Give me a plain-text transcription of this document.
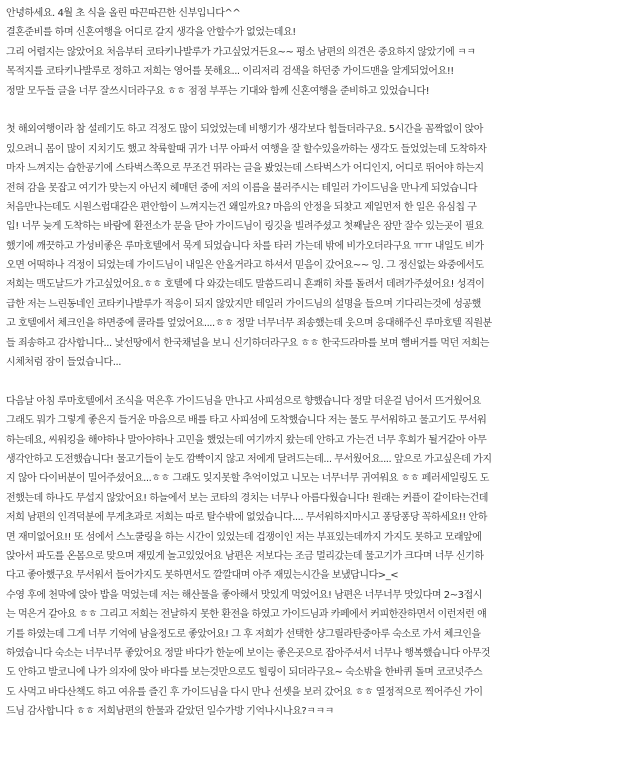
안녕하세요. 4월 초 식을 올린 따끈따끈한 신부입니다^^
결혼준비를 하며 신혼여행을 어디로 갈지 생각을 안할수가 없었는데요!
그리 어렵지는 않았어요 처음부터 코타키나발루가 가고싶었거든요~~ 평소 남편의 의견은 중요하지 않았기에 ㅋㅋ
목적지를 코타키나발루로 정하고 저희는 영어를 못해요... 이리저리 검색을 하던중 가이드맨을 알게되었어요!!
정말 모두들 글을 너무 잘쓰시더라구요 ㅎㅎ 점점 부푸는 기대와 함께 신혼여행을 준비하고 있었습니다!
첫 해외여행이라 참 설레기도 하고 걱정도 많이 되었었는데 비행기가 생각보다 힘들더라구요. 5시간을 꼼짝없이 앉아
있으려니 몸이 많이 지치기도 했고 착륙할때 귀가 너무 아파서 여행을 잘 할수있을까하는 생각도 들었었는데 도착하자
마자 느껴지는 습한공기에 스타벅스쪽으로 무조건 뛰라는 글을 봤었는데 스타벅스가 어디인지, 어디로 뛰어야 하는지
전혀 감을 못잡고 여기가 맞는지 아닌지 헤매던 중에 저의 이름을 불러주시는 테일러 가이드님을 만나게 되었습니다
처음만나는데도 시원스럽대갈은 편안함이 느껴지는건 왜일까요? 마음의 안정을 되찾고 제일먼저 한 일은 유심칩 구
입! 너무 늦게 도착하는 바람에 환전소가 문을 닫아 가이드님이 링깃을 빌려주셨고 첫째날은 잠만 잘수 있는곳이 필요
했기에 깨끗하고 가성비좋은 루마호텔에서 묵게 되었습니다 차를 타러 가는데 밖에 비가오더라구요 ㅠㅠ 내일도 비가
오면 어떡하나 걱정이 되었는데 가이드님이 내일은 안올거라고 하셔서 믿음이 갔어요~~ 잉. 그 정신없는 와중에서도
저희는 맥도날드가 가고싶었어요.ㅎㅎ 호텔에 다 와갔는데도 말씀드리니 흔쾌히 차를 돌려서 데려가주셨어요! 성격이
급한 저는 느린동네인 코타키나발루가 적응이 되지 않았지만 테일러 가이드님의 설명을 들으며 기다리는것에 성공했
고 호텔에서 체크인을 하면중에 콜라를 엎었어요....ㅎㅎ 정말 너무너무 죄송했는데 웃으며 응대해주신 루마호텔 직원분
들 죄송하고 감사합니다... 낯선땅에서 한국채널을 보니 신기하더라구요 ㅎㅎ 한국드라마를 보며 햄버거를 먹던 저희는
시체처럼 잠이 들었습니다...
다음날 아침 루마호텔에서 조식을 먹은후 가이드님을 만나고 사피섬으로 향했습니다 정말 더운걸 넘어서 뜨거웠어요
그래도 뭐가 그렇게 좋은지 들거운 마음으로 배를 타고 사피섬에 도착했습니다 저는 물도 무서워하고 물고기도 무서워
하는데요, 씨워킹을 해야하나 말아야하나 고민을 했었는데 여기까지 왔는데 안하고 가는건 너무 후회가 될거같아 아무
생각안하고 도전했습니다! 물고기들이 눈도 깜빡이지 않고 저에게 달려드는데... 무서웠어요.... 앞으로 가고싶은데 가지
지 않아 다이버분이 밀어주셨어요...ㅎㅎ 그래도 잊지못할 추억이었고 니모는 너무너무 귀여워요 ㅎㅎ 페러세일링도 도
전했는데 하나도 무섭지 않았어요! 하늘에서 보는 코타의 경치는 너무나 아름다웠습니다! 원래는 커플이 같이타는건데
저희 남편의 인격덕분에 무게초과로 저희는 따로 탈수밖에 없었습니다.... 무서워하지마시고 퐁당퐁당 꼭하세요!! 안하
면 재미없어요!! 또 섬에서 스노쿨링을 하는 시간이 있었는데 겁쟁이인 저는 부표있는데까지 가지도 못하고 모래앞에
앉아서 파도를 온몸으로 맞으며 재밌게 놀고있었어요 남편은 저보다는 조금 멀리갔는데 물고기가 크다며 너무 신기하
다고 좋아했구요 무서워서 들어가지도 못하면서도 깔깔대며 아주 재밌는시간을 보냈답니다>_<
수영 후에 천막에 앉아 밥을 먹었는데 저는 해산물을 좋아해서 맛있게 먹었어요! 남편은 너무너무 맛있다며 2~3접시
는 먹은거 같아요 ㅎㅎ 그리고 저희는 전날하지 못한 환전을 하였고 가이드님과 카페에서 커피한잔하면서 이런저런 얘
기를 하였는데 그게 너무 기억에 남을정도로 좋았어요! 그 후 저희가 선택한 샹그릴라탄중아루 숙소로 가서 체크인을
하였습니다 숙소는 너무너무 좋았어요 정말 바다가 한눈에 보이는 좋은곳으로 잡아주셔서 너무나 행복했습니다 아무것
도 안하고 발코니에 나가 의자에 앉아 바다를 보는것만으로도 힐링이 되더라구요~ 숙소밖을 한바퀴 돌며 코코넛주스
도 사먹고 바다산책도 하고 여유를 즐긴 후 가이드님을 다시 만나 선셋을 보러 갔어요 ㅎㅎ 열정적으로 찍어주신 가이
드님 감사합니다 ㅎㅎ 저희남편의 한물과 같았던 일수가방 기억나시나요?ㅋㅋㅋ
